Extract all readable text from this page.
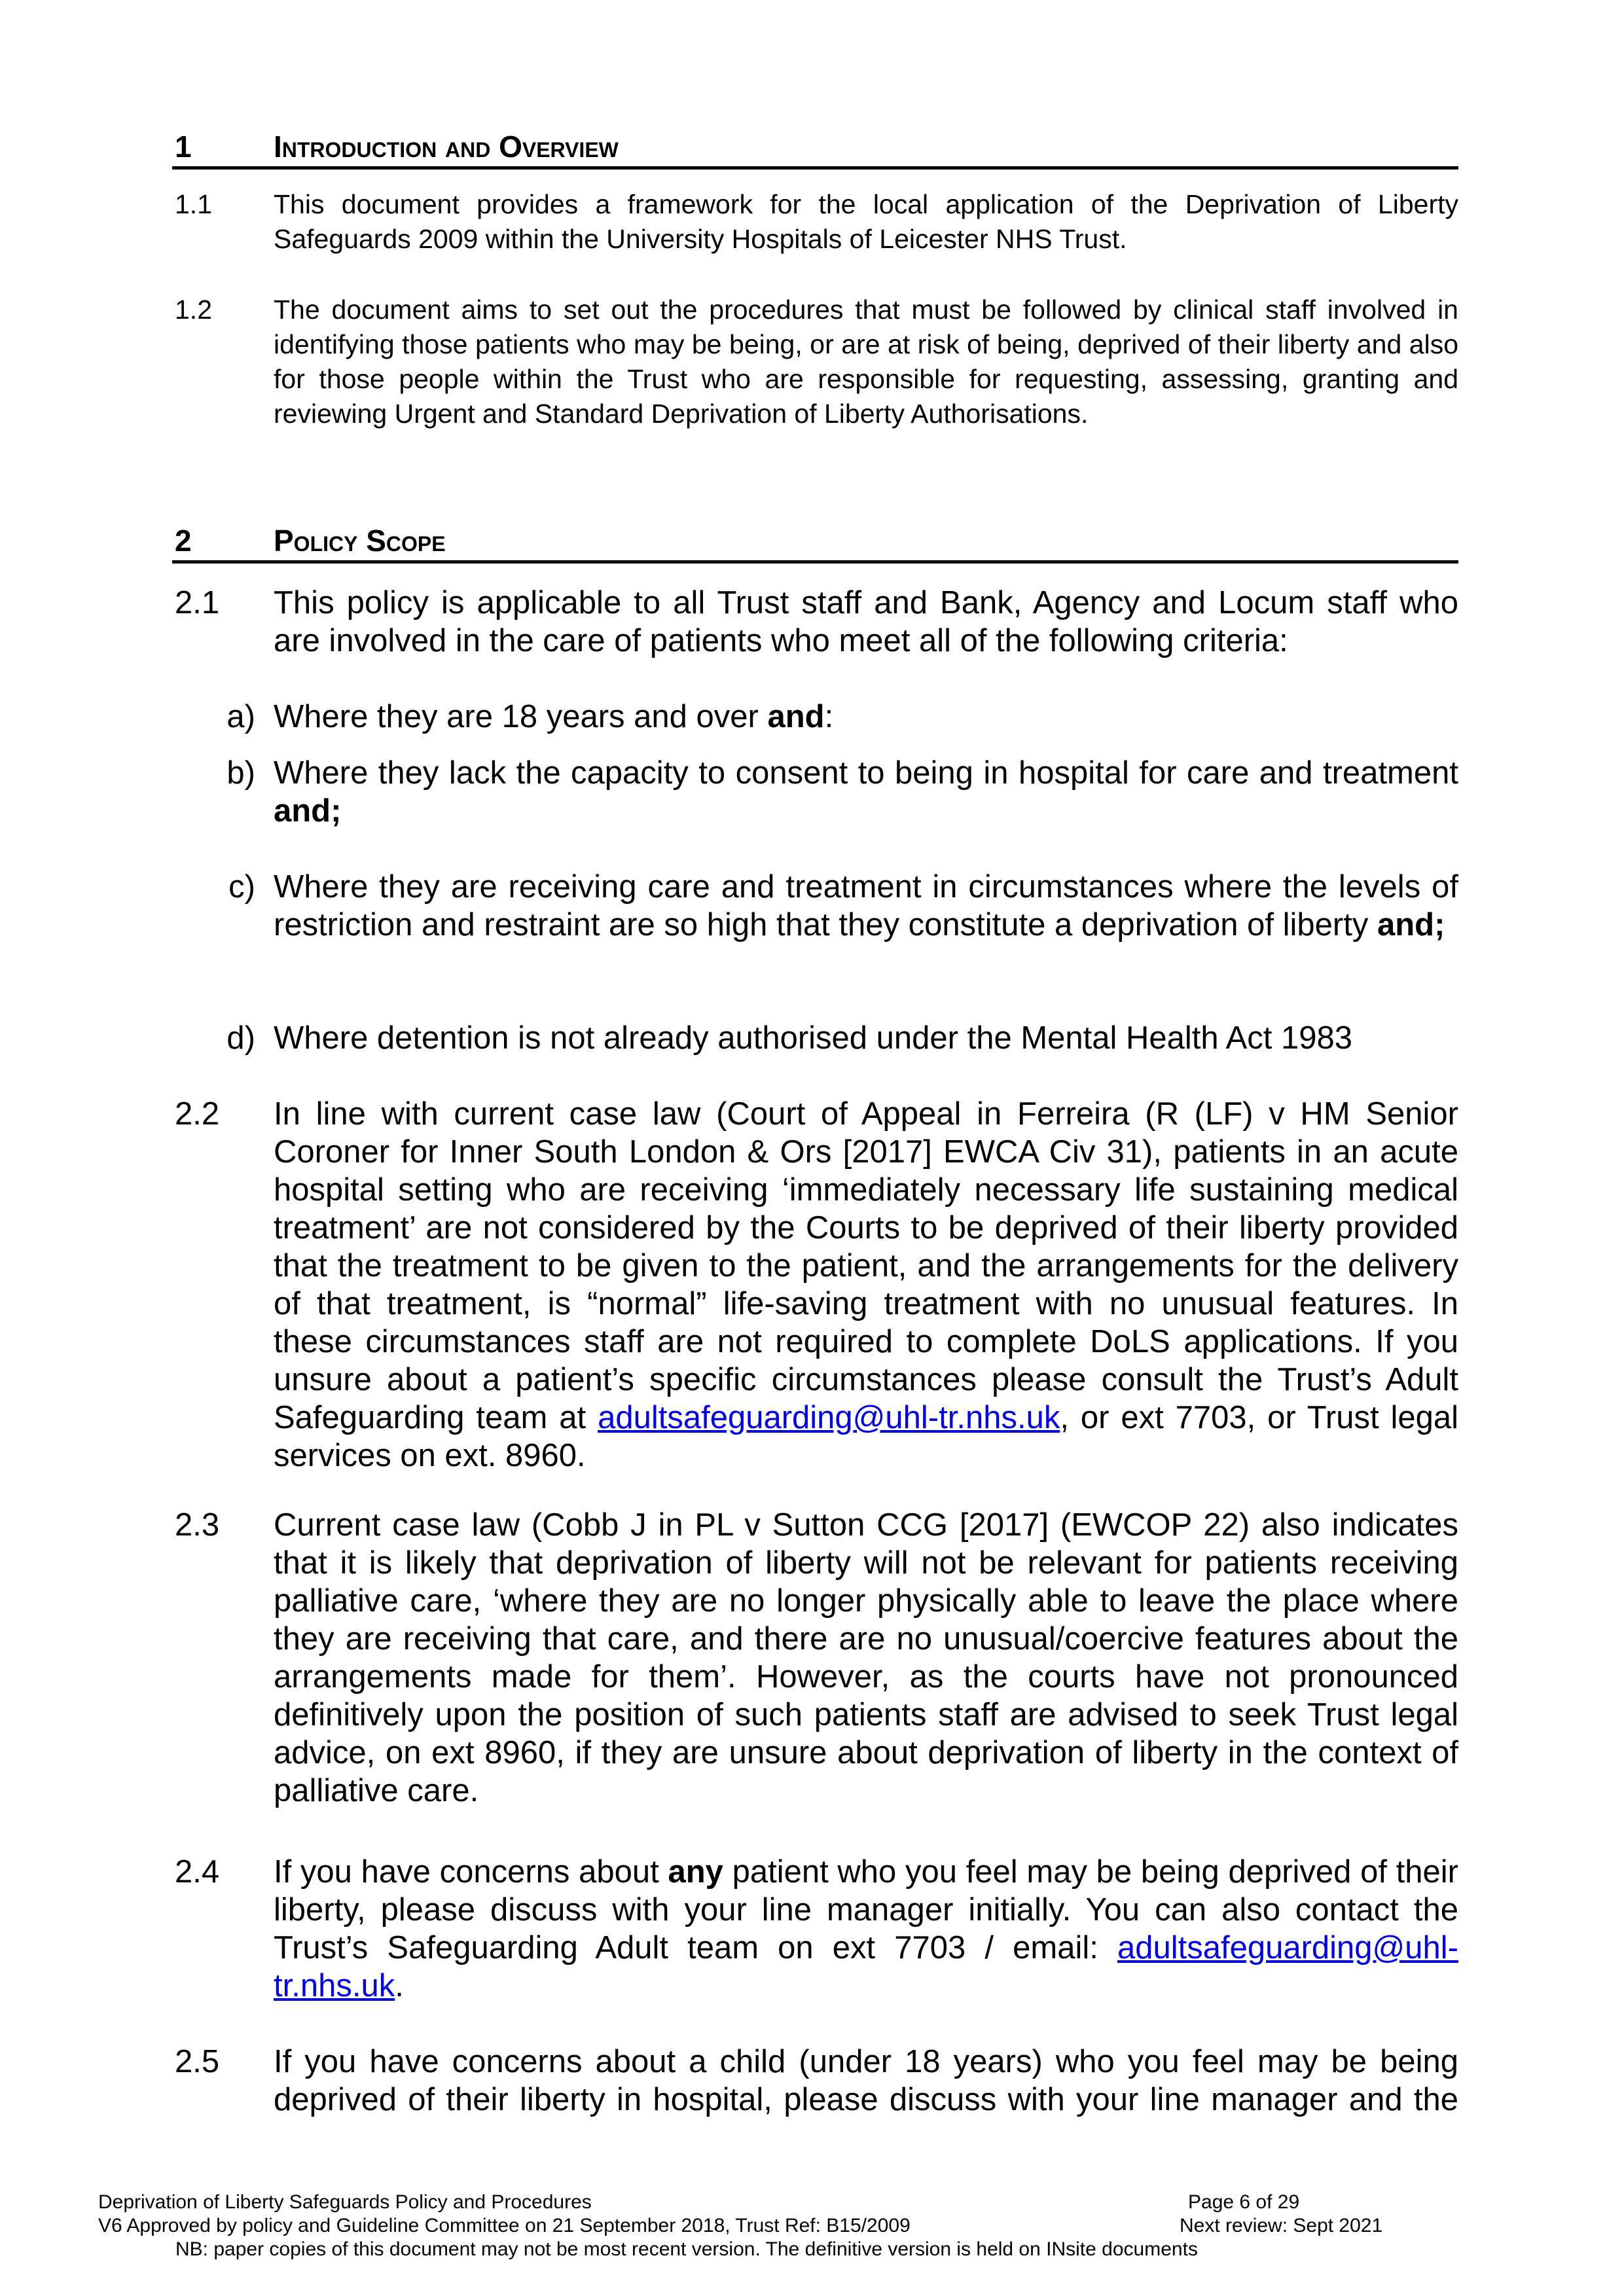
1	Introduction and Overview
1.1 This document provides a framework for the local application of the Deprivation of Liberty Safeguards 2009 within the University Hospitals of Leicester NHS Trust.
1.2 The document aims to set out the procedures that must be followed by clinical staff involved in identifying those patients who may be being, or are at risk of being, deprived of their liberty and also for those people within the Trust who are responsible for requesting, assessing, granting and reviewing Urgent and Standard Deprivation of Liberty Authorisations.
2	Policy Scope
2.1 This policy is applicable to all Trust staff and Bank, Agency and Locum staff who are involved in the care of patients who meet all of the following criteria:
a) Where they are 18 years and over and:
b) Where they lack the capacity to consent to being in hospital for care and treatment and;
c) Where they are receiving care and treatment in circumstances where the levels of restriction and restraint are so high that they constitute a deprivation of liberty and;
d) Where detention is not already authorised under the Mental Health Act 1983
2.2 In line with current case law (Court of Appeal in Ferreira (R (LF) v HM Senior Coroner for Inner South London & Ors [2017] EWCA Civ 31), patients in an acute hospital setting who are receiving ‘immediately necessary life sustaining medical treatment’ are not considered by the Courts to be deprived of their liberty provided that the treatment to be given to the patient, and the arrangements for the delivery of that treatment, is “normal” life-saving treatment with no unusual features. In these circumstances staff are not required to complete DoLS applications. If you unsure about a patient’s specific circumstances please consult the Trust’s Adult Safeguarding team at adultsafeguarding@uhl-tr.nhs.uk, or ext 7703, or Trust legal services on ext. 8960.
2.3 Current case law (Cobb J in PL v Sutton CCG [2017] (EWCOP 22) also indicates that it is likely that deprivation of liberty will not be relevant for patients receiving palliative care, ‘where they are no longer physically able to leave the place where they are receiving that care, and there are no unusual/coercive features about the arrangements made for them’. However, as the courts have not pronounced definitively upon the position of such patients staff are advised to seek Trust legal advice, on ext 8960, if they are unsure about deprivation of liberty in the context of palliative care.
2.4 If you have concerns about any patient who you feel may be being deprived of their liberty, please discuss with your line manager initially. You can also contact the Trust’s Safeguarding Adult team on ext 7703 / email: adultsafeguarding@uhl-tr.nhs.uk.
2.5 If you have concerns about a child (under 18 years) who you feel may be being deprived of their liberty in hospital, please discuss with your line manager and the
Deprivation of Liberty Safeguards Policy and Procedures	Page 6 of 29
V6 Approved by policy and Guideline Committee on 21 September 2018, Trust Ref: B15/2009	Next review: Sept 2021
NB: paper copies of this document may not be most recent version. The definitive version is held on INsite documents
